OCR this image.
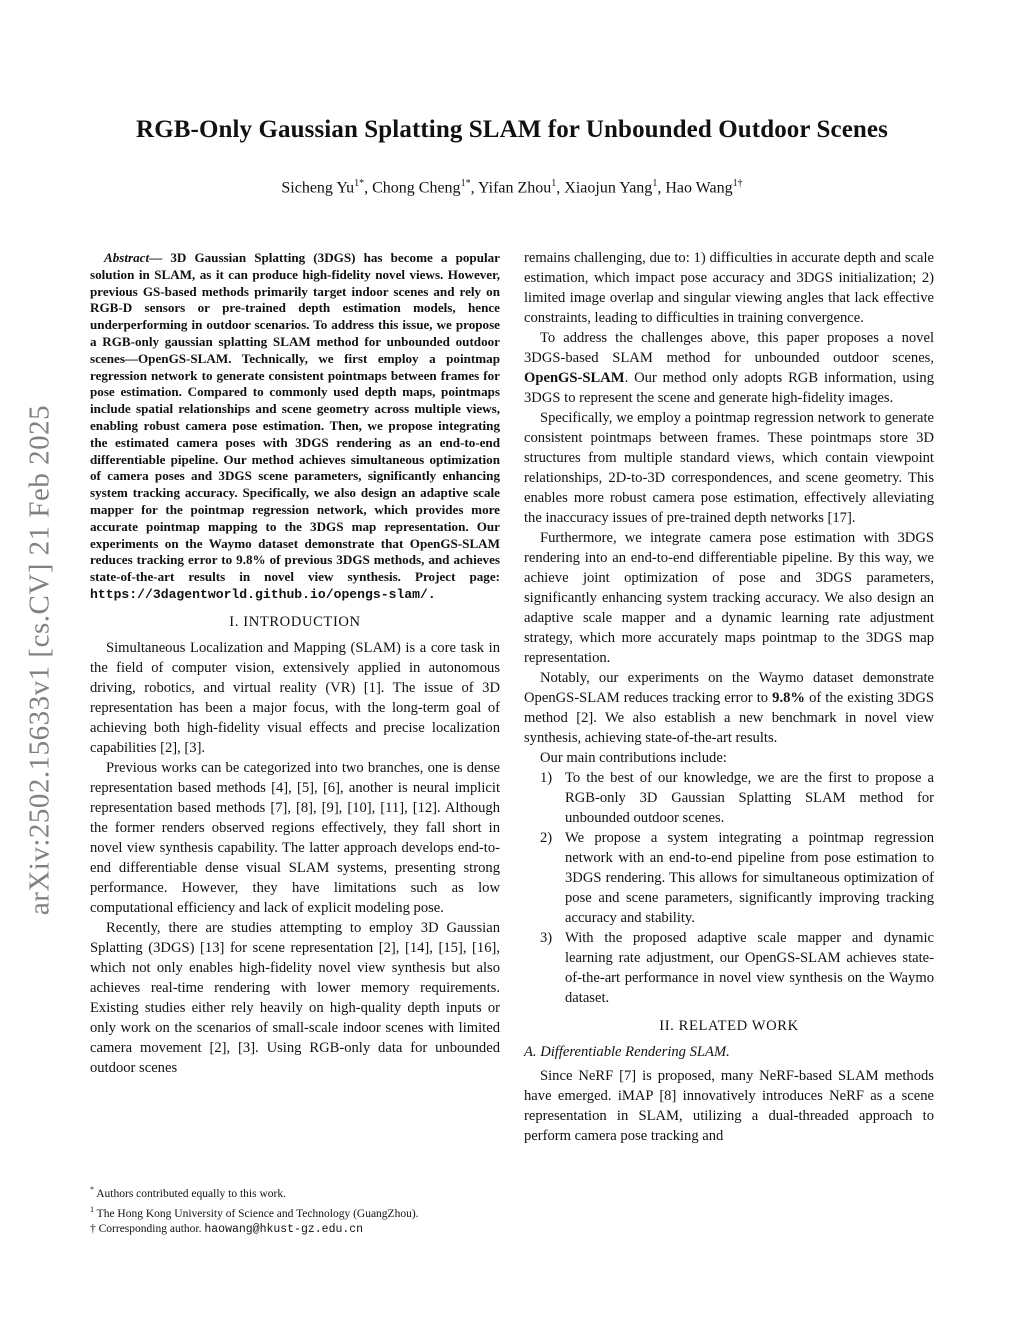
RGB-Only Gaussian Splatting SLAM for Unbounded Outdoor Scenes
Sicheng $Yu^{1*}$, Chong Cheng$^{1*}$, Yifan Zhou$^1$, Xiaojun Yang$^1$, Hao Wang$^{1\dagger}$
arXiv:2502.15633v1 [cs.CV] 21 Feb 2025

Abstract— 3D Gaussian Splatting (3DGS) has become a popular solution in SLAM, as it can produce high-fidelity novel views. However, previous GS-based methods primarily target indoor scenes and rely on RGB-D sensors or pre-trained depth estimation models, hence underperforming in outdoor scenarios. To address this issue, we propose a RGB-only gaussian splatting SLAM method for unbounded outdoor scenes—OpenGS-SLAM. Technically, we first employ a pointmap regression network to generate consistent pointmaps between frames for pose estimation. Compared to commonly used depth maps, pointmaps include spatial relationships and scene geometry across multiple views, enabling robust camera pose estimation. Then, we propose integrating the estimated camera poses with 3DGS rendering as an end-to-end differentiable pipeline. Our method achieves simultaneous optimization of camera poses and 3DGS scene parameters, significantly enhancing system tracking accuracy. Specifically, we also design an adaptive scale mapper for the pointmap regression network, which provides more accurate pointmap mapping to the 3DGS map representation. Our experiments on the Waymo dataset demonstrate that OpenGS-SLAM reduces tracking error to 9.8% of previous 3DGS methods, and achieves state-of-the-art results in novel view synthesis. Project page: https://3dagentworld.github.io/opengs-slam/.

I. INTRODUCTION

Simultaneous Localization and Mapping (SLAM) is a core task in the field of computer vision, extensively applied in autonomous driving, robotics, and virtual reality (VR) [1]. The issue of 3D representation has been a major focus, with the long-term goal of achieving both high-fidelity visual effects and precise localization capabilities [2], [3].

Previous works can be categorized into two branches, one is dense representation based methods [4], [5], [6], another is neural implicit representation based methods [7], [8], [9], [10], [11], [12]. Although the former renders observed regions effectively, they fall short in novel view synthesis capability. The latter approach develops end-to-end differentiable dense visual SLAM systems, presenting strong performance. However, they have limitations such as low computational efficiency and lack of explicit modeling pose.

Recently, there are studies attempting to employ 3D Gaussian Splatting (3DGS) [13] for scene representation [2], [14], [15], [16], which not only enables high-fidelity novel view synthesis but also achieves real-time rendering with lower memory requirements. Existing studies either rely heavily on high-quality depth inputs or only work on the scenarios of small-scale indoor scenes with limited camera movement [2], [3]. Using RGB-only data for unbounded outdoor scenes

remains challenging, due to: 1) difficulties in accurate depth and scale estimation, which impact pose accuracy and 3DGS initialization; 2) limited image overlap and singular viewing angles that lack effective constraints, leading to difficulties in training convergence.

To address the challenges above, this paper proposes a novel 3DGS-based SLAM method for unbounded outdoor scenes, OpenGS-SLAM. Our method only adopts RGB information, using 3DGS to represent the scene and generate high-fidelity images.

Specifically, we employ a pointmap regression network to generate consistent pointmaps between frames. These pointmaps store 3D structures from multiple standard views, which contain viewpoint relationships, 2D-to-3D correspondences, and scene geometry. This enables more robust camera pose estimation, effectively alleviating the inaccuracy issues of pre-trained depth networks [17].

Furthermore, we integrate camera pose estimation with 3DGS rendering into an end-to-end differentiable pipeline. By this way, we achieve joint optimization of pose and 3DGS parameters, significantly enhancing system tracking accuracy. We also design an adaptive scale mapper and a dynamic learning rate adjustment strategy, which more accurately maps pointmap to the 3DGS map representation.

Notably, our experiments on the Waymo dataset demonstrate OpenGS-SLAM reduces tracking error to 9.8% of the existing 3DGS method [2]. We also establish a new benchmark in novel view synthesis, achieving state-of-the-art results.

Our main contributions include:

1) To the best of our knowledge, we are the first to propose a RGB-only 3D Gaussian Splatting SLAM method for unbounded outdoor scenes.
2) We propose a system integrating a pointmap regression network with an end-to-end pipeline from pose estimation to 3DGS rendering. This allows for simultaneous optimization of pose and scene parameters, significantly improving tracking accuracy and stability.
3) With the proposed adaptive scale mapper and dynamic learning rate adjustment, our OpenGS-SLAM achieves state-of-the-art performance in novel view synthesis on the Waymo dataset.
II. RELATED WORK
A. Differentiable Rendering SLAM.

Since NeRF [7] is proposed, many NeRF-based SLAM methods have emerged. iMAP [8] innovatively introduces NeRF as a scene representation in SLAM, utilizing a dual-threaded approach to perform camera pose tracking and

* Authors contributed equally to this work.
$^1$ The Hong Kong University of Science and Technology (GuangZhou).
† Corresponding author. haowang@hkust-gz.edu.cn
